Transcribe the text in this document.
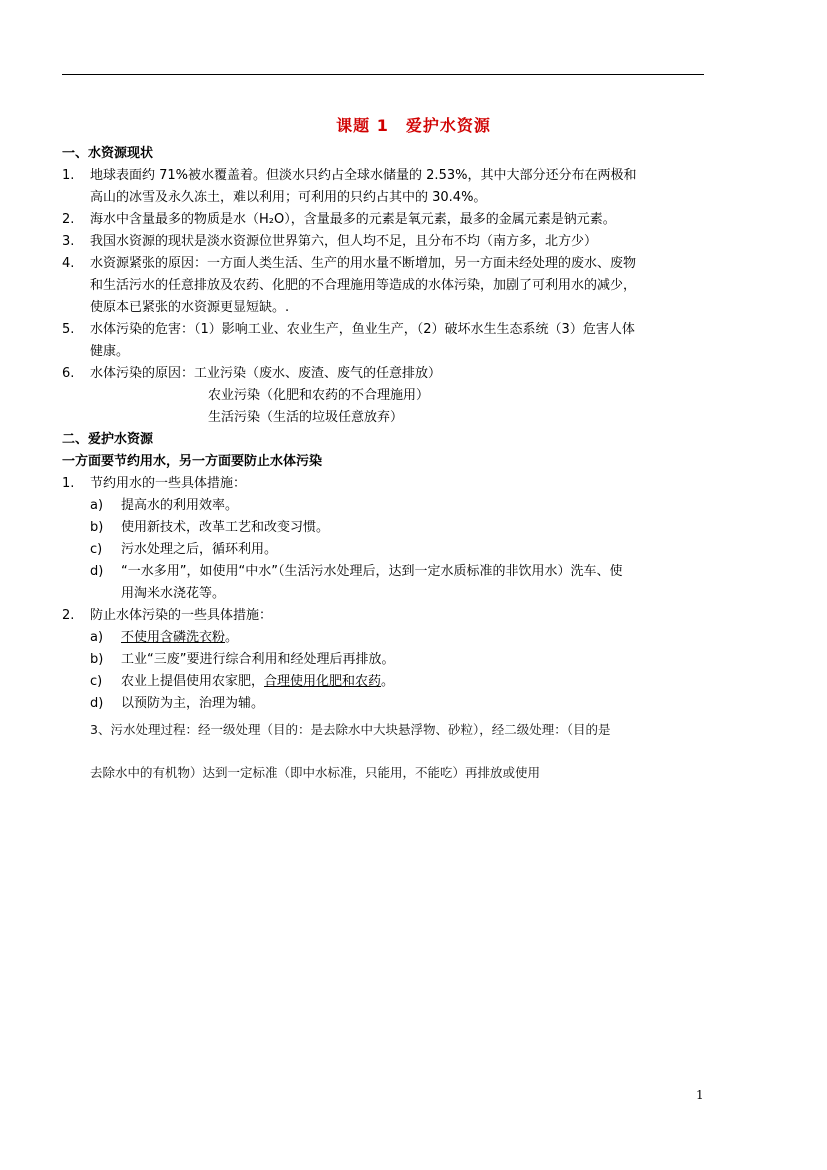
课题 1　爱护水资源
一、水资源现状
1. 地球表面约 71%被水覆盖着。但淡水只约占全球水储量的 2.53%，其中大部分还分布在两极和
高山的冰雪及永久冻土，难以利用；可利用的只约占其中的 30.4%。
2. 海水中含量最多的物质是水（H₂O），含量最多的元素是氧元素，最多的金属元素是钠元素。
3. 我国水资源的现状是淡水资源位世界第六，但人均不足，且分布不均（南方多，北方少）
4. 水资源紧张的原因：一方面人类生活、生产的用水量不断增加，另一方面未经处理的废水、废物
和生活污水的任意排放及农药、化肥的不合理施用等造成的水体污染，加剧了可利用水的减少，
使原本已紧张的水资源更显短缺。.
5. 水体污染的危害：（1）影响工业、农业生产，鱼业生产，（2）破坏水生生态系统（3）危害人体
健康。
6. 水体污染的原因：工业污染（废水、废渣、废气的任意排放）
农业污染（化肥和农药的不合理施用）
生活污染（生活的垃圾任意放弃）
二、爱护水资源
一方面要节约用水，另一方面要防止水体污染
1. 节约用水的一些具体措施：
a) 提高水的利用效率。
b) 使用新技术，改革工艺和改变习惯。
c) 污水处理之后，循环利用。
d) “一水多用”，如使用“中水”（生活污水处理后，达到一定水质标准的非饮用水）洗车、使
用淘米水浇花等。
2. 防止水体污染的一些具体措施：
a) 不使用含磷洗衣粉。
b) 工业“三废”要进行综合利用和经处理后再排放。
c) 农业上提倡使用农家肥，合理使用化肥和农药。
d) 以预防为主，治理为辅。
3、污水处理过程：经一级处理（目的：是去除水中大块悬浮物、砂粒），经二级处理：（目的是
去除水中的有机物）达到一定标准（即中水标准，只能用，不能吃）再排放或使用
1
